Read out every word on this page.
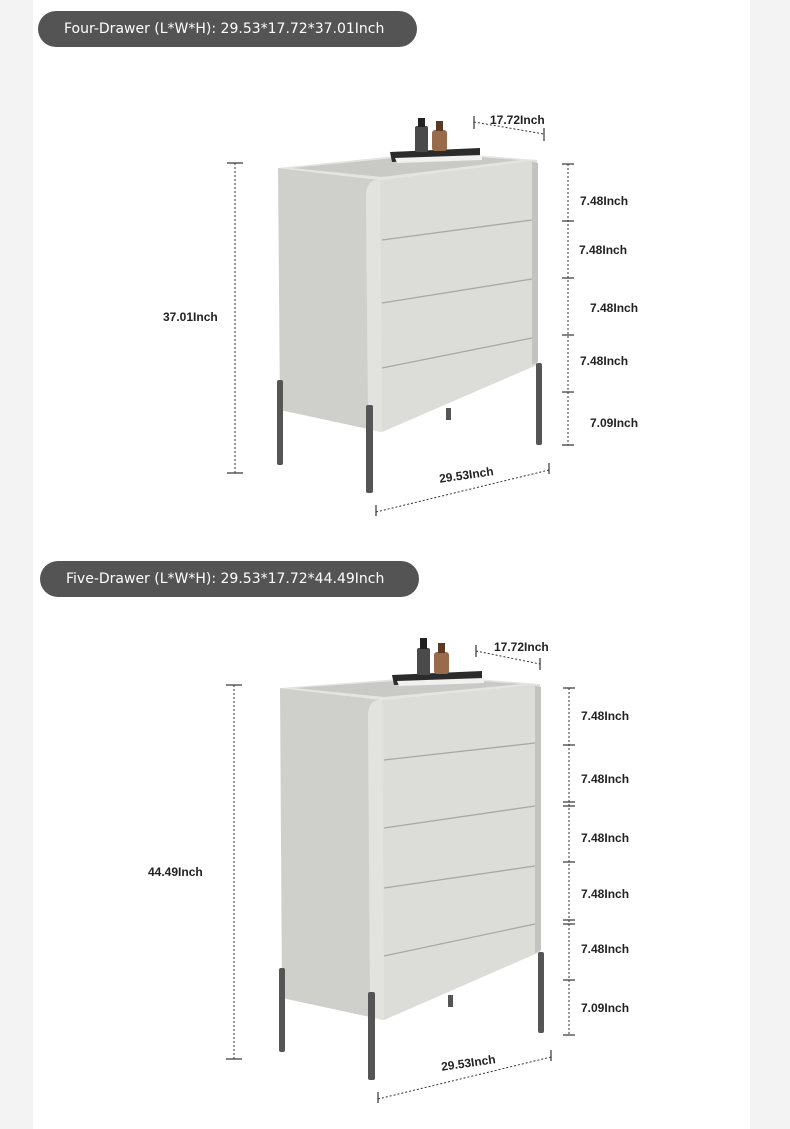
Four-Drawer (L*W*H): 29.53*17.72*37.01Inch
17.72Inch
37.01Inch
29.53Inch
7.48Inch
7.48Inch
7.48Inch
7.48Inch
7.09Inch
Five-Drawer (L*W*H): 29.53*17.72*44.49Inch
17.72Inch
44.49Inch
29.53Inch
7.48Inch
7.48Inch
7.48Inch
7.48Inch
7.48Inch
7.09Inch
